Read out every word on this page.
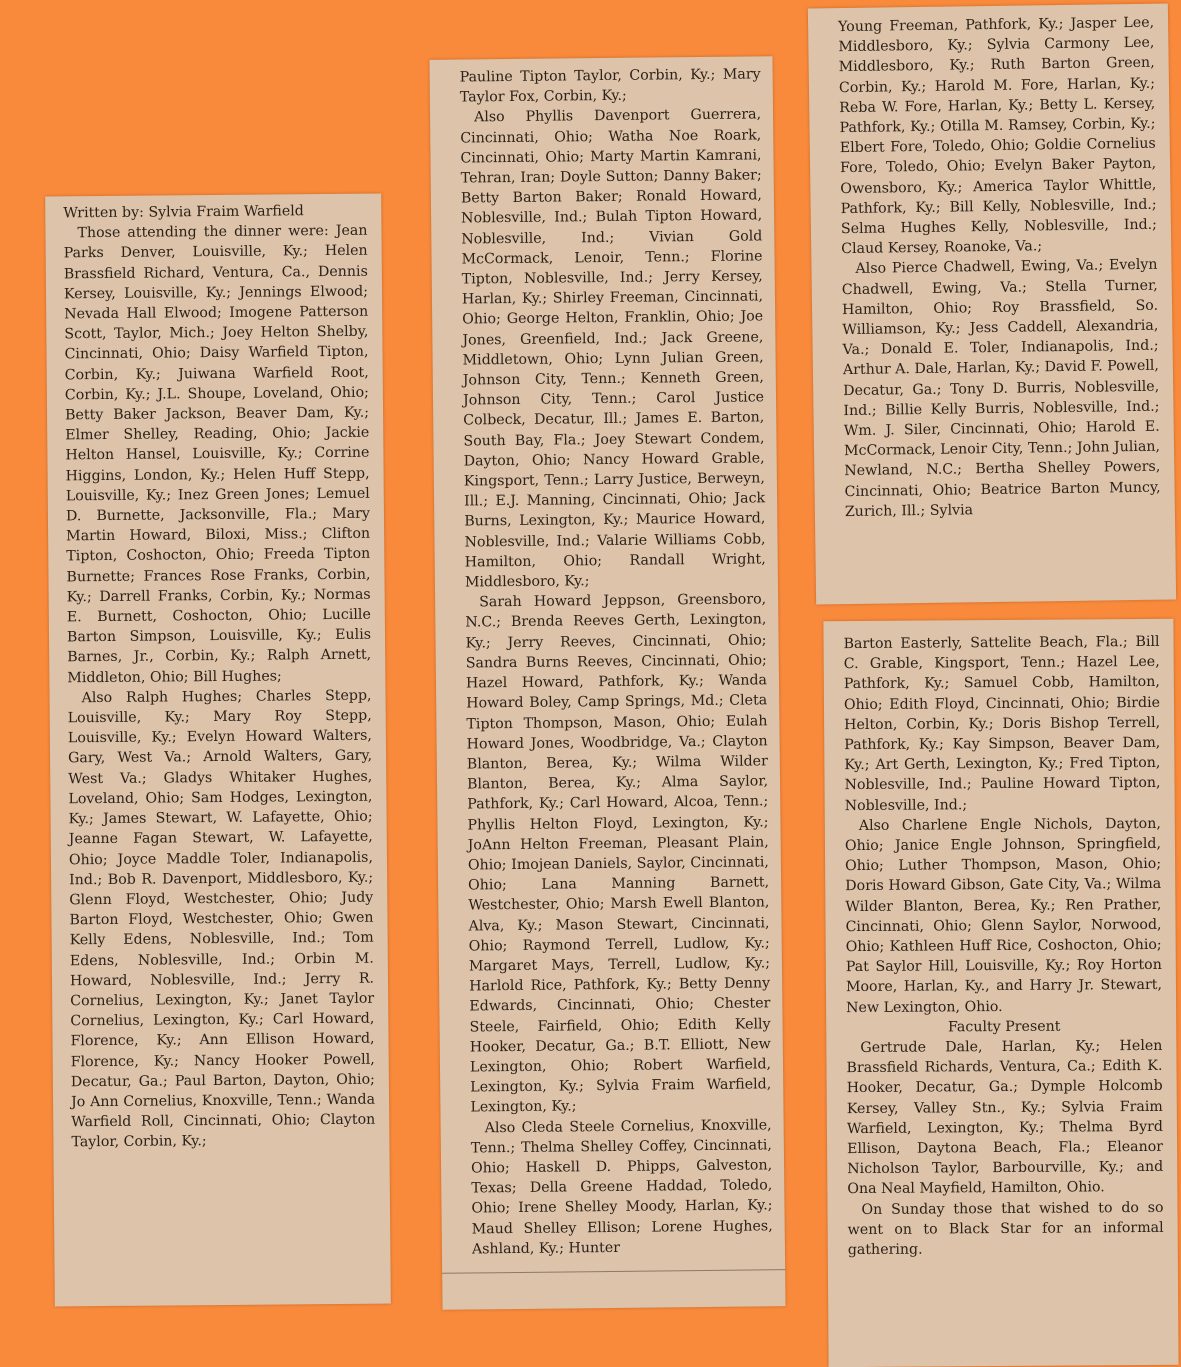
Written by: Sylvia Fraim Warfield

Those attending the dinner were: Jean Parks Denver, Louisville, Ky.; Helen Brassfield Richard, Ventura, Ca., Dennis Kersey, Louisville, Ky.; Jennings Elwood; Nevada Hall Elwood; Imogene Patterson Scott, Taylor, Mich.; Joey Helton Shelby, Cincinnati, Ohio; Daisy Warfield Tipton, Corbin, Ky.; Juiwana Warfield Root, Corbin, Ky.; J.L. Shoupe, Loveland, Ohio; Betty Baker Jackson, Beaver Dam, Ky.; Elmer Shelley, Reading, Ohio; Jackie Helton Hansel, Louisville, Ky.; Corrine Higgins, London, Ky.; Helen Huff Stepp, Louisville, Ky.; Inez Green Jones; Lemuel D. Burnette, Jacksonville, Fla.; Mary Martin Howard, Biloxi, Miss.; Clifton Tipton, Coshocton, Ohio; Freeda Tipton Burnette; Frances Rose Franks, Corbin, Ky.; Darrell Franks, Corbin, Ky.; Normas E. Burnett, Coshocton, Ohio; Lucille Barton Simpson, Louisville, Ky.; Eulis Barnes, Jr., Corbin, Ky.; Ralph Arnett, Middleton, Ohio; Bill Hughes;

Also Ralph Hughes; Charles Stepp, Louisville, Ky.; Mary Roy Stepp, Louisville, Ky.; Evelyn Howard Walters, Gary, West Va.; Arnold Walters, Gary, West Va.; Gladys Whitaker Hughes, Loveland, Ohio; Sam Hodges, Lexington, Ky.; James Stewart, W. Lafayette, Ohio; Jeanne Fagan Stewart, W. Lafayette, Ohio; Joyce Maddle Toler, Indianapolis, Ind.; Bob R. Davenport, Middlesboro, Ky.; Glenn Floyd, Westchester, Ohio; Judy Barton Floyd, Westchester, Ohio; Gwen Kelly Edens, Noblesville, Ind.; Tom Edens, Noblesville, Ind.; Orbin M. Howard, Noblesville, Ind.; Jerry R. Cornelius, Lexington, Ky.; Janet Taylor Cornelius, Lexington, Ky.; Carl Howard, Florence, Ky.; Ann Ellison Howard, Florence, Ky.; Nancy Hooker Powell, Decatur, Ga.; Paul Barton, Dayton, Ohio; Jo Ann Cornelius, Knoxville, Tenn.; Wanda Warfield Roll, Cincinnati, Ohio; Clayton Taylor, Corbin, Ky.;

Pauline Tipton Taylor, Corbin, Ky.; Mary Taylor Fox, Corbin, Ky.;

Also Phyllis Davenport Guerrera, Cincinnati, Ohio; Watha Noe Roark, Cincinnati, Ohio; Marty Martin Kamrani, Tehran, Iran; Doyle Sutton; Danny Baker; Betty Barton Baker; Ronald Howard, Noblesville, Ind.; Bulah Tipton Howard, Noblesville, Ind.; Vivian Gold McCormack, Lenoir, Tenn.; Florine Tipton, Noblesville, Ind.; Jerry Kersey, Harlan, Ky.; Shirley Freeman, Cincinnati, Ohio; George Helton, Franklin, Ohio; Joe Jones, Greenfield, Ind.; Jack Greene, Middletown, Ohio; Lynn Julian Green, Johnson City, Tenn.; Kenneth Green, Johnson City, Tenn.; Carol Justice Colbeck, Decatur, Ill.; James E. Barton, South Bay, Fla.; Joey Stewart Condem, Dayton, Ohio; Nancy Howard Grable, Kingsport, Tenn.; Larry Justice, Berweyn, Ill.; E.J. Manning, Cincinnati, Ohio; Jack Burns, Lexington, Ky.; Maurice Howard, Noblesville, Ind.; Valarie Williams Cobb, Hamilton, Ohio; Randall Wright, Middlesboro, Ky.;

Sarah Howard Jeppson, Greensboro, N.C.; Brenda Reeves Gerth, Lexington, Ky.; Jerry Reeves, Cincinnati, Ohio; Sandra Burns Reeves, Cincinnati, Ohio; Hazel Howard, Pathfork, Ky.; Wanda Howard Boley, Camp Springs, Md.; Cleta Tipton Thompson, Mason, Ohio; Eulah Howard Jones, Woodbridge, Va.; Clayton Blanton, Berea, Ky.; Wilma Wilder Blanton, Berea, Ky.; Alma Saylor, Pathfork, Ky.; Carl Howard, Alcoa, Tenn.; Phyllis Helton Floyd, Lexington, Ky.; JoAnn Helton Freeman, Pleasant Plain, Ohio; Imojean Daniels, Saylor, Cincinnati, Ohio; Lana Manning Barnett, Westchester, Ohio; Marsh Ewell Blanton, Alva, Ky.; Mason Stewart, Cincinnati, Ohio; Raymond Terrell, Ludlow, Ky.; Margaret Mays, Terrell, Ludlow, Ky.; Harlold Rice, Pathfork, Ky.; Betty Denny Edwards, Cincinnati, Ohio; Chester Steele, Fairfield, Ohio; Edith Kelly Hooker, Decatur, Ga.; B.T. Elliott, New Lexington, Ohio; Robert Warfield, Lexington, Ky.; Sylvia Fraim Warfield, Lexington, Ky.;

Also Cleda Steele Cornelius, Knoxville, Tenn.; Thelma Shelley Coffey, Cincinnati, Ohio; Haskell D. Phipps, Galveston, Texas; Della Greene Haddad, Toledo, Ohio; Irene Shelley Moody, Harlan, Ky.; Maud Shelley Ellison; Lorene Hughes, Ashland, Ky.; Hunter

Young Freeman, Pathfork, Ky.; Jasper Lee, Middlesboro, Ky.; Sylvia Carmony Lee, Middlesboro, Ky.; Ruth Barton Green, Corbin, Ky.; Harold M. Fore, Harlan, Ky.; Reba W. Fore, Harlan, Ky.; Betty L. Kersey, Pathfork, Ky.; Otilla M. Ramsey, Corbin, Ky.; Elbert Fore, Toledo, Ohio; Goldie Cornelius Fore, Toledo, Ohio; Evelyn Baker Payton, Owensboro, Ky.; America Taylor Whittle, Pathfork, Ky.; Bill Kelly, Noblesville, Ind.; Selma Hughes Kelly, Noblesville, Ind.; Claud Kersey, Roanoke, Va.;

Also Pierce Chadwell, Ewing, Va.; Evelyn Chadwell, Ewing, Va.; Stella Turner, Hamilton, Ohio; Roy Brassfield, So. Williamson, Ky.; Jess Caddell, Alexandria, Va.; Donald E. Toler, Indianapolis, Ind.; Arthur A. Dale, Harlan, Ky.; David F. Powell, Decatur, Ga.; Tony D. Burris, Noblesville, Ind.; Billie Kelly Burris, Noblesville, Ind.; Wm. J. Siler, Cincinnati, Ohio; Harold E. McCormack, Lenoir City, Tenn.; John Julian, Newland, N.C.; Bertha Shelley Powers, Cincinnati, Ohio; Beatrice Barton Muncy, Zurich, Ill.; Sylvia

Barton Easterly, Sattelite Beach, Fla.; Bill C. Grable, Kingsport, Tenn.; Hazel Lee, Pathfork, Ky.; Samuel Cobb, Hamilton, Ohio; Edith Floyd, Cincinnati, Ohio; Birdie Helton, Corbin, Ky.; Doris Bishop Terrell, Pathfork, Ky.; Kay Simpson, Beaver Dam, Ky.; Art Gerth, Lexington, Ky.; Fred Tipton, Noblesville, Ind.; Pauline Howard Tipton, Noblesville, Ind.;

Also Charlene Engle Nichols, Dayton, Ohio; Janice Engle Johnson, Springfield, Ohio; Luther Thompson, Mason, Ohio; Doris Howard Gibson, Gate City, Va.; Wilma Wilder Blanton, Berea, Ky.; Ren Prather, Cincinnati, Ohio; Glenn Saylor, Norwood, Ohio; Kathleen Huff Rice, Coshocton, Ohio; Pat Saylor Hill, Louisville, Ky.; Roy Horton Moore, Harlan, Ky., and Harry Jr. Stewart, New Lexington, Ohio.

Faculty Present

Gertrude Dale, Harlan, Ky.; Helen Brassfield Richards, Ventura, Ca.; Edith K. Hooker, Decatur, Ga.; Dymple Holcomb Kersey, Valley Stn., Ky.; Sylvia Fraim Warfield, Lexington, Ky.; Thelma Byrd Ellison, Daytona Beach, Fla.; Eleanor Nicholson Taylor, Barbourville, Ky.; and Ona Neal Mayfield, Hamilton, Ohio.

On Sunday those that wished to do so went on to Black Star for an informal gathering.
